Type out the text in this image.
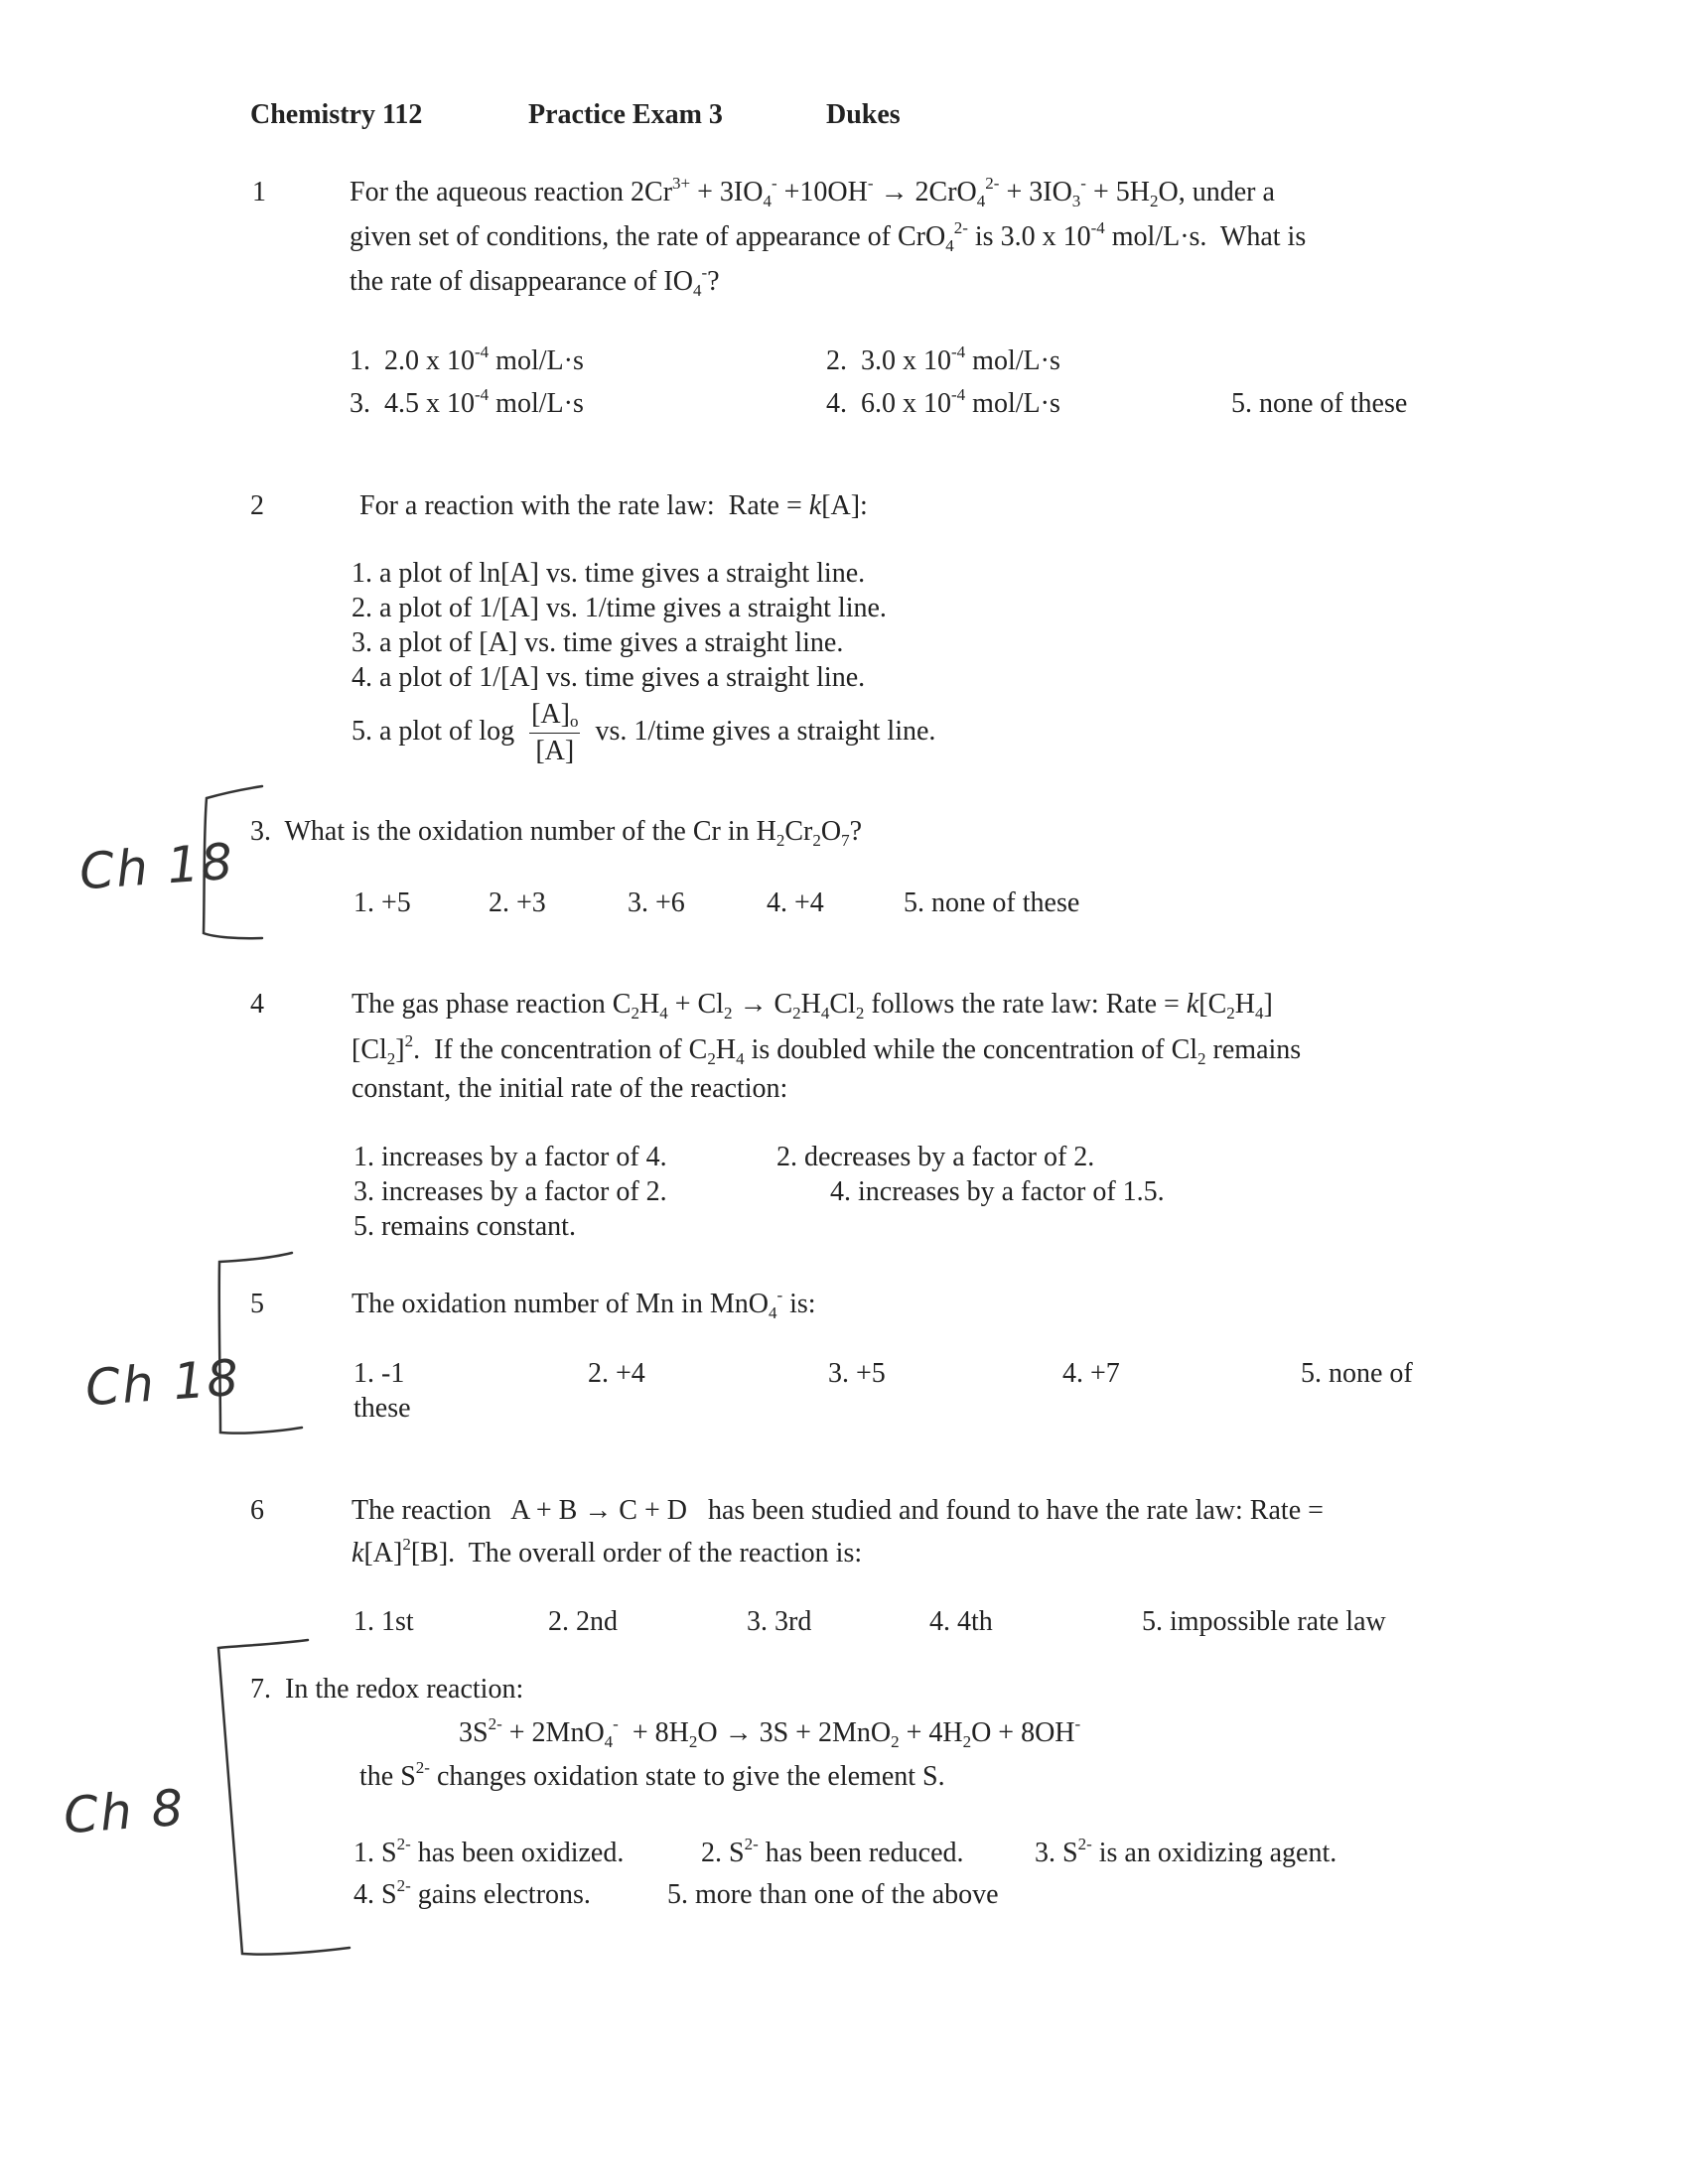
Chemistry 112	Practice Exam 3	Dukes
1	For the aqueous reaction $2Cr^{3+} + 3IO_4^- +10OH^- \to 2CrO_4^{2-} + 3IO_3^- + 5H_2O$, under a
given set of conditions, the rate of appearance of CrO$_4^{2-}$ is 3.0 x $10^{-4}$ mol/L·s.  What is
the rate of disappearance of $IO_4^-$?
1.  2.0 x $10^{-4}$ mol/L·s	2.  3.0 x $10^{-4}$ mol/L·s
3.  4.5 x $10^{-4}$ mol/L·s	4.  6.0 x $10^{-4}$ mol/L·s	5. none of these
2	For a reaction with the rate law:  Rate = k[A]:
1. a plot of ln[A] vs. time gives a straight line.
2. a plot of 1/[A] vs. 1/time gives a straight line.
3. a plot of [A] vs. time gives a straight line.
4. a plot of 1/[A] vs. time gives a straight line.
5. a plot of $\log \frac{[A]_o}{[A]}$ vs. 1/time gives a straight line.
3.  What is the oxidation number of the Cr in $H_2Cr_2O_7$?
1. +5	2. +3	3. +6	4. +4	5. none of these
4	The gas phase reaction $C_2H_4 + Cl_2 \to C_2H_4Cl_2$ follows the rate law: Rate = $k[C_2H_4]$
$[Cl_2]^2$.  If the concentration of $C_2H_4$ is doubled while the concentration of $Cl_2$ remains
constant, the initial rate of the reaction:
1. increases by a factor of 4.	2. decreases by a factor of 2.
3. increases by a factor of 2.	4. increases by a factor of 1.5.
5. remains constant.
5	The oxidation number of Mn in MnO$_4$- is:
1. -1	2. +4	3. +5	4. +7	5. none of
these
6	The reaction   A + B → C + D   has been studied and found to have the rate law: Rate =
$k[A]^2[B]$.  The overall order of the reaction is:
1. 1st	2. 2nd	3. 3rd	4. 4th	5. impossible rate law
7.  In the redox reaction:
$3S^{2-} + 2MnO_4^- + 8H_2O \to 3S + 2MnO_2 + 4H_2O + 8OH^-$
the $S^{2-}$ changes oxidation state to give the element S.
1. $S^{2-}$ has been oxidized.	2. $S^{2-}$ has been reduced.	3. $S^{2-}$ is an oxidizing agent.
4. $S^{2-}$ gains electrons.	5. more than one of the above
Ch 18
Ch 18
Ch 8
